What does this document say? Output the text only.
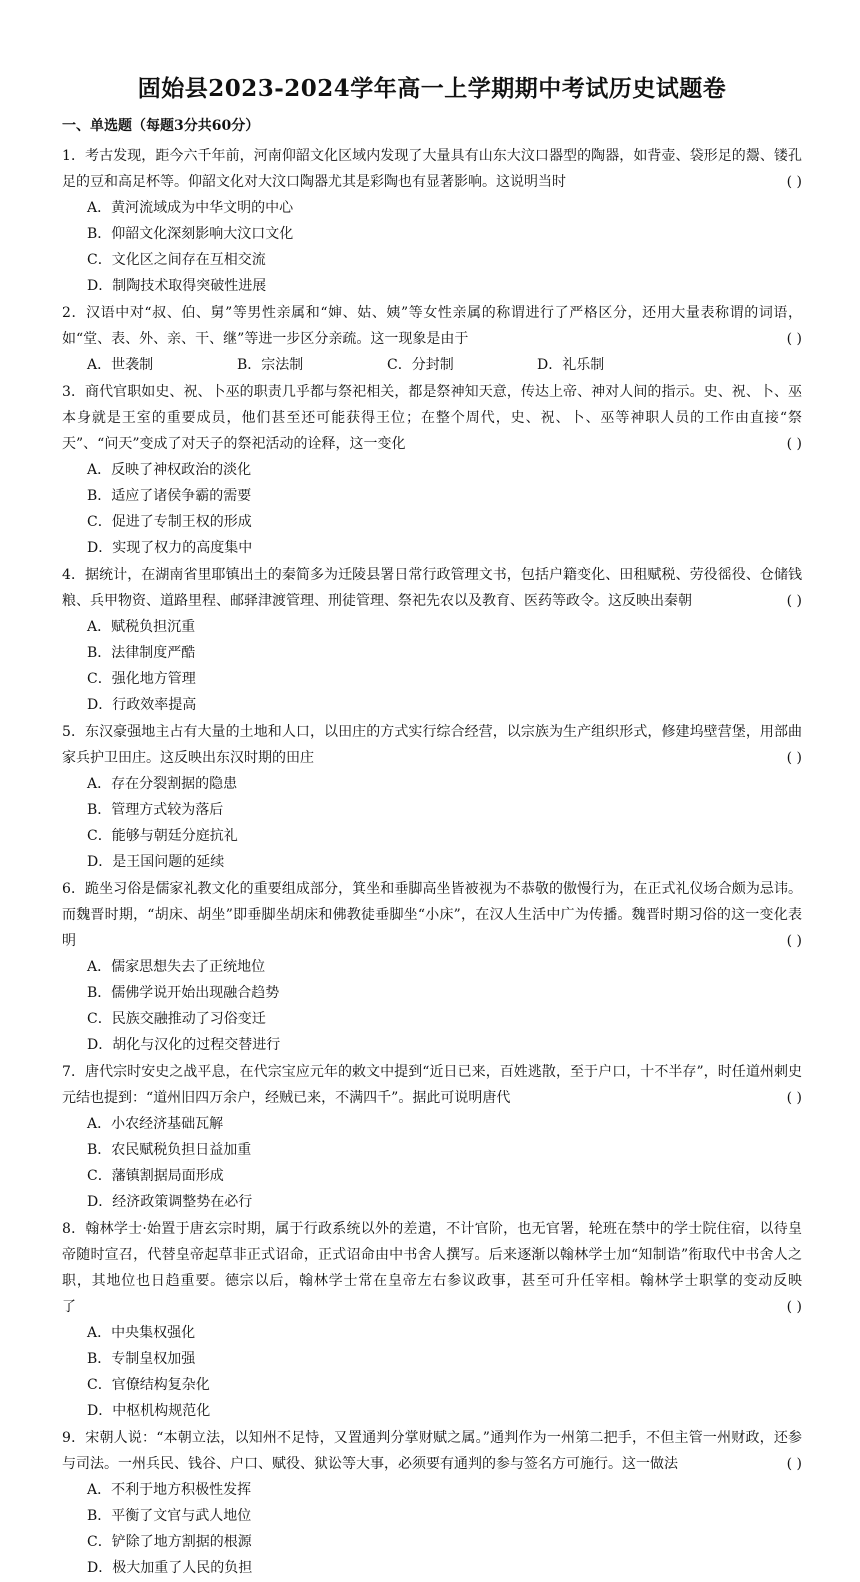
固始县2023-2024学年高一上学期期中考试历史试题卷
一、单选题（每题3分共60分）
1．考古发现，距今六千年前，河南仰韶文化区域内发现了大量具有山东大汶口器型的陶器，如背壶、袋形足的鬶、镂孔足的豆和高足杯等。仰韶文化对大汶口陶器尤其是彩陶也有显著影响。这说明当时	( )
A．黄河流域成为中华文明的中心
B．仰韶文化深刻影响大汶口文化
C．文化区之间存在互相交流
D．制陶技术取得突破性进展
2．汉语中对“叔、伯、舅”等男性亲属和“婶、姑、姨”等女性亲属的称谓进行了严格区分，还用大量表称谓的词语，如“堂、表、外、亲、干、继”等进一步区分亲疏。这一现象是由于	( )
A．世袭制	B．宗法制	C．分封制	D．礼乐制
3．商代官职如史、祝、卜巫的职责几乎都与祭祀相关，都是祭神知天意，传达上帝、神对人间的指示。史、祝、卜、巫本身就是王室的重要成员，他们甚至还可能获得王位；在整个周代，史、祝、卜、巫等神职人员的工作由直接“祭天”、“问天”变成了对天子的祭祀活动的诠释，这一变化	( )
A．反映了神权政治的淡化
B．适应了诸侯争霸的需要
C．促进了专制王权的形成
D．实现了权力的高度集中
4．据统计，在湖南省里耶镇出土的秦简多为迁陵县署日常行政管理文书，包括户籍变化、田租赋税、劳役徭役、仓储钱粮、兵甲物资、道路里程、邮驿津渡管理、刑徒管理、祭祀先农以及教育、医药等政令。这反映出秦朝	( )
A．赋税负担沉重
B．法律制度严酷
C．强化地方管理
D．行政效率提高
5．东汉豪强地主占有大量的土地和人口，以田庄的方式实行综合经营，以宗族为生产组织形式，修建坞壁营堡，用部曲家兵护卫田庄。这反映出东汉时期的田庄	( )
A．存在分裂割据的隐患
B．管理方式较为落后
C．能够与朝廷分庭抗礼
D．是王国问题的延续
6．跪坐习俗是儒家礼教文化的重要组成部分，箕坐和垂脚高坐皆被视为不恭敬的傲慢行为，在正式礼仪场合颇为忌讳。而魏晋时期，“胡床、胡坐”即垂脚坐胡床和佛教徒垂脚坐“小床”，在汉人生活中广为传播。魏晋时期习俗的这一变化表明	( )
A．儒家思想失去了正统地位
B．儒佛学说开始出现融合趋势
C．民族交融推动了习俗变迁
D．胡化与汉化的过程交替进行
7．唐代宗时安史之战平息，在代宗宝应元年的敕文中提到“近日已来，百姓逃散，至于户口，十不半存”，时任道州刺史元结也提到：“道州旧四万余户，经贼已来，不满四千”。据此可说明唐代	( )
A．小农经济基础瓦解
B．农民赋税负担日益加重
C．藩镇割据局面形成
D．经济政策调整势在必行
8．翰林学士·始置于唐玄宗时期，属于行政系统以外的差遣，不计官阶，也无官署，轮班在禁中的学士院住宿，以待皇帝随时宣召，代替皇帝起草非正式诏命，正式诏命由中书舍人撰写。后来逐渐以翰林学士加“知制诰”衔取代中书舍人之职，其地位也日趋重要。德宗以后，翰林学士常在皇帝左右参议政事，甚至可升任宰相。翰林学士职掌的变动反映了	( )
A．中央集权强化
B．专制皇权加强
C．官僚结构复杂化
D．中枢机构规范化
9．宋朝人说：“本朝立法，以知州不足恃，又置通判分掌财赋之属。”通判作为一州第二把手，不但主管一州财政，还参与司法。一州兵民、钱谷、户口、赋役、狱讼等大事，必须要有通判的参与签名方可施行。这一做法	( )
A．不利于地方积极性发挥
B．平衡了文官与武人地位
C．铲除了地方割据的根源
D．极大加重了人民的负担
